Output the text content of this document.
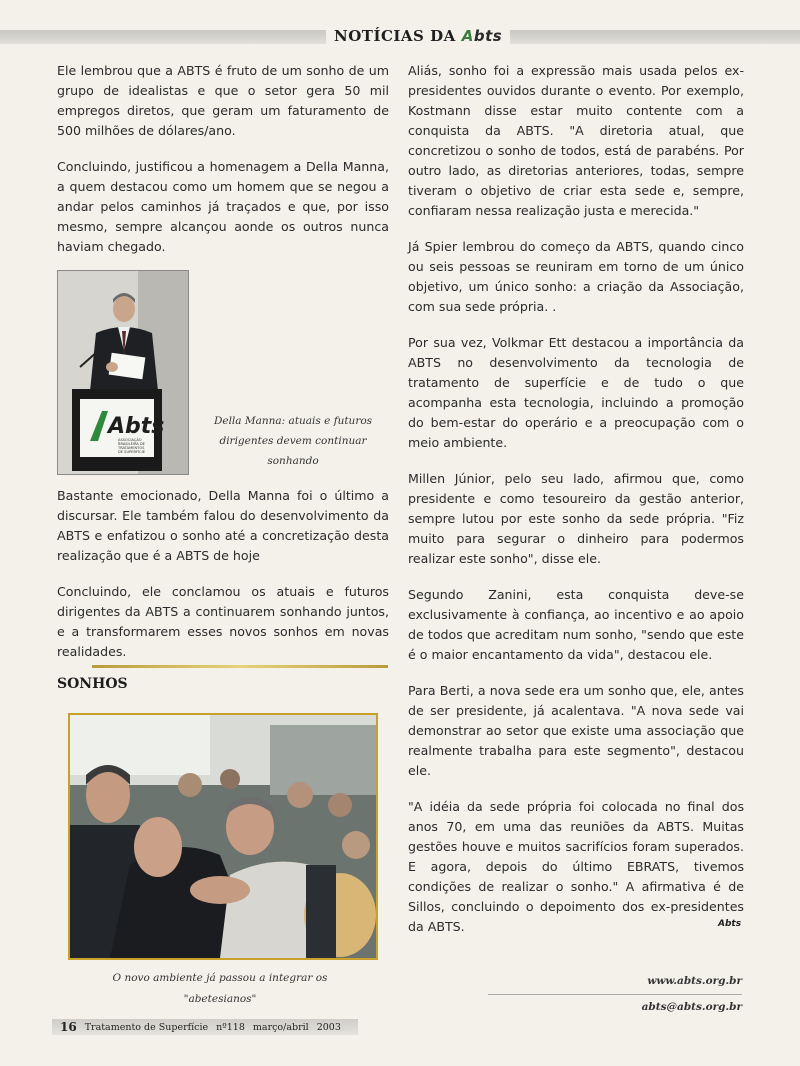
NOTÍCIAS DA Abts

Ele lembrou que a ABTS é fruto de um sonho de um grupo de idealistas e que o setor gera 50 mil empregos diretos, que geram um faturamento de 500 milhões de dólares/ano.

Concluindo, justificou a homenagem a Della Manna, a quem destacou como um homem que se negou a andar pelos caminhos já traçados e que, por isso mesmo, sempre alcançou aonde os outros nunca haviam chegado.

Abts
ASSOCIAÇÃO
BRASILEIRA DE
TRATAMENTOS
DE SUPERFÍCIE
Della Manna: atuais e futuros dirigentes devem continuar sonhando

Bastante emocionado, Della Manna foi o último a discursar. Ele também falou do desenvolvimento da ABTS e enfatizou o sonho até a concretização desta realização que é a ABTS de hoje

Concluindo, ele conclamou os atuais e futuros dirigentes da ABTS a continuarem sonhando juntos, e a transformarem esses novos sonhos em novas realidades.

SONHOS
O novo ambiente já passou a integrar os "abetesianos"

Aliás, sonho foi a expressão mais usada pelos ex-presidentes ouvidos durante o evento. Por exemplo, Kostmann disse estar muito contente com a conquista da ABTS. "A diretoria atual, que concretizou o sonho de todos, está de parabéns. Por outro lado, as diretorias anteriores, todas, sempre tiveram o objetivo de criar esta sede e, sempre, confiaram nessa realização justa e merecida."

Já Spier lembrou do começo da ABTS, quando cinco ou seis pessoas se reuniram em torno de um único objetivo, um único sonho: a criação da Associação, com sua sede própria. .

Por sua vez, Volkmar Ett destacou a importância da ABTS no desenvolvimento da tecnologia de tratamento de superfície e de tudo o que acompanha esta tecnologia, incluindo a promoção do bem-estar do operário e a preocupação com o meio ambiente.

Millen Júnior, pelo seu lado, afirmou que, como presidente e como tesoureiro da gestão anterior, sempre lutou por este sonho da sede própria. "Fiz muito para segurar o dinheiro para podermos realizar este sonho", disse ele.

Segundo Zanini, esta conquista deve-se exclusivamente à confiança, ao incentivo e ao apoio de todos que acreditam num sonho, "sendo que este é o maior encantamento da vida", destacou ele.

Para Berti, a nova sede era um sonho que, ele, antes de ser presidente, já acalentava. "A nova sede vai demonstrar ao setor que existe uma associação que realmente trabalha para este segmento", destacou ele.

"A idéia da sede própria foi colocada no final dos anos 70, em uma das reuniões da ABTS. Muitas gestões houve e muitos sacrifícios foram superados. E agora, depois do último EBRATS, tivemos condições de realizar o sonho." A afirmativa é de Sillos, concluindo o depoimento dos ex-presidentes da ABTS.	Abts
www.abts.org.br
abts@abts.org.br
16 Tratamento de Superfície nº118 março/abril 2003
